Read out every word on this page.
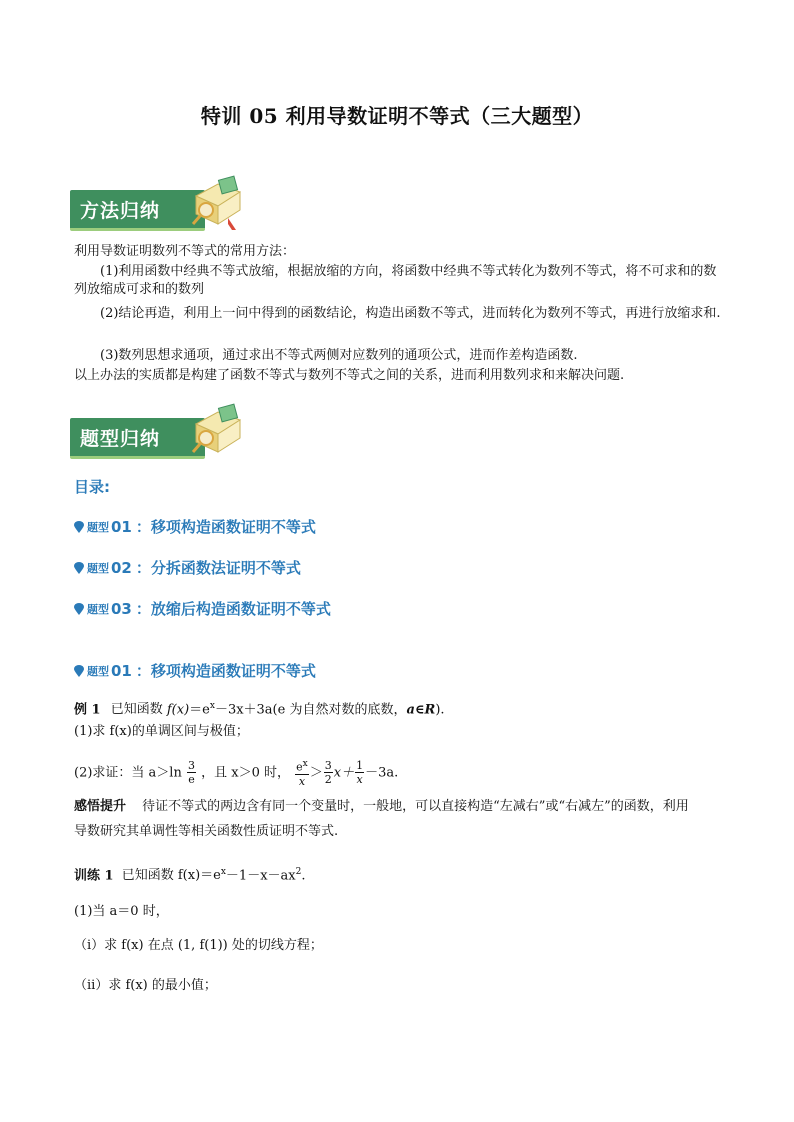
特训 05 利用导数证明不等式（三大题型）
方法归纳
利用导数证明数列不等式的常用方法：
(1)利用函数中经典不等式放缩，根据放缩的方向，将函数中经典不等式转化为数列不等式，将不可求和的数列放缩成可求和的数列
(2)结论再造，利用上一问中得到的函数结论，构造出函数不等式，进而转化为数列不等式，再进行放缩求和.
(3)数列思想求通项，通过求出不等式两侧对应数列的通项公式，进而作差构造函数.
以上办法的实质都是构建了函数不等式与数列不等式之间的关系，进而利用数列求和来解决问题.
题型归纳
目录:
题型 01 ：移项构造函数证明不等式
题型 02 ：分拆函数法证明不等式
题型 03 ：放缩后构造函数证明不等式
题型 01 ：移项构造函数证明不等式
例 1 已知函数 $f(x)=e^x-3x+3a(e$ 为自然对数的底数，a∈R).
(1)求 f(x)的单调区间与极值；
(2)求证：当 $a>\ln \frac{3}{e}$ ，且 x＞0 时， $\frac{e^x}{x} > \frac{3}{2} x+ \frac{1}{x} -3a$.
感悟提升 待证不等式的两边含有同一个变量时，一般地，可以直接构造“左减右”或“右减左”的函数，利用
导数研究其单调性等相关函数性质证明不等式.
训练 1 已知函数 $f(x)=e^x-1-x-ax^2$.
(1)当 a＝0 时，
（i）求 f(x) 在点 (1, f(1)) 处的切线方程；
（ii）求 f(x) 的最小值；
